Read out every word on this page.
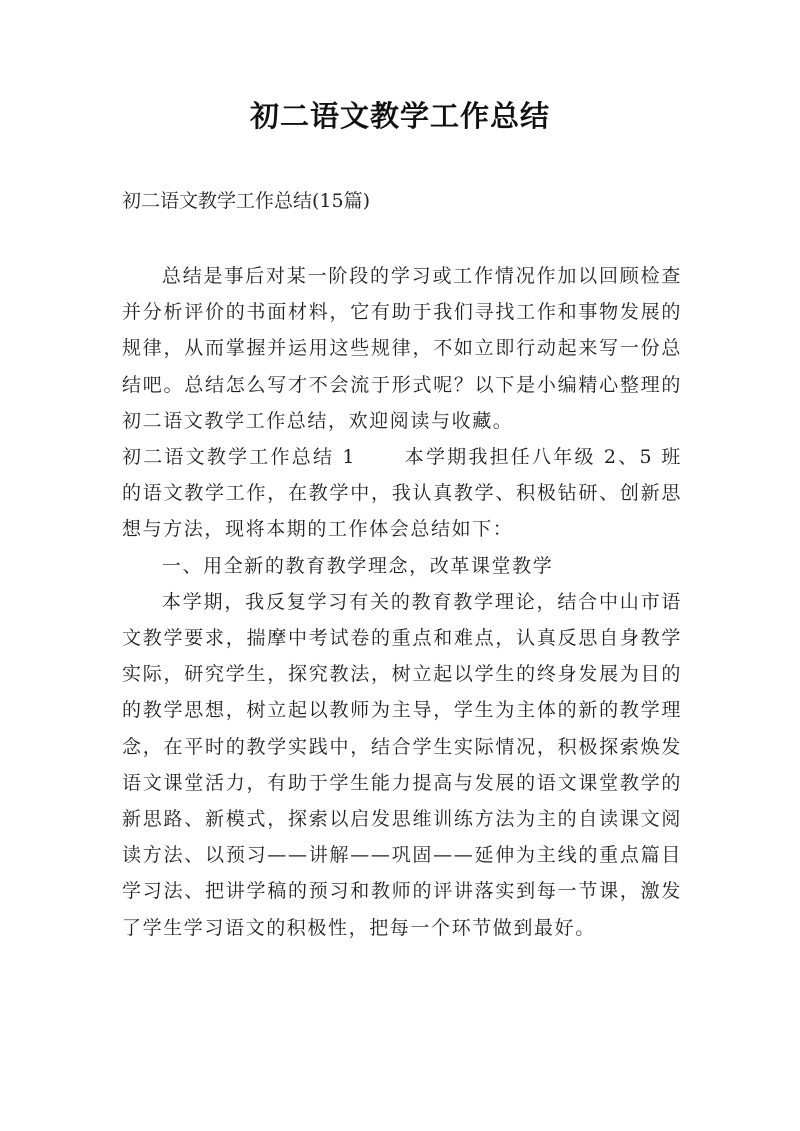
初二语文教学工作总结
初二语文教学工作总结(15篇)

总结是事后对某一阶段的学习或工作情况作加以回顾检查并分析评价的书面材料，它有助于我们寻找工作和事物发展的规律，从而掌握并运用这些规律，不如立即行动起来写一份总结吧。总结怎么写才不会流于形式呢？以下是小编精心整理的初二语文教学工作总结，欢迎阅读与收藏。

初二语文教学工作总结 1	本学期我担任八年级 2、5 班的语文教学工作，在教学中，我认真教学、积极钻研、创新思想与方法，现将本期的工作体会总结如下：

一、用全新的教育教学理念，改革课堂教学

本学期，我反复学习有关的教育教学理论，结合中山市语文教学要求，揣摩中考试卷的重点和难点，认真反思自身教学实际，研究学生，探究教法，树立起以学生的终身发展为目的的教学思想，树立起以教师为主导，学生为主体的新的教学理念，在平时的教学实践中，结合学生实际情况，积极探索焕发语文课堂活力，有助于学生能力提高与发展的语文课堂教学的新思路、新模式，探索以启发思维训练方法为主的自读课文阅读方法、以预习——讲解——巩固——延伸为主线的重点篇目学习法、把讲学稿的预习和教师的评讲落实到每一节课，激发了学生学习语文的积极性，把每一个环节做到最好。
